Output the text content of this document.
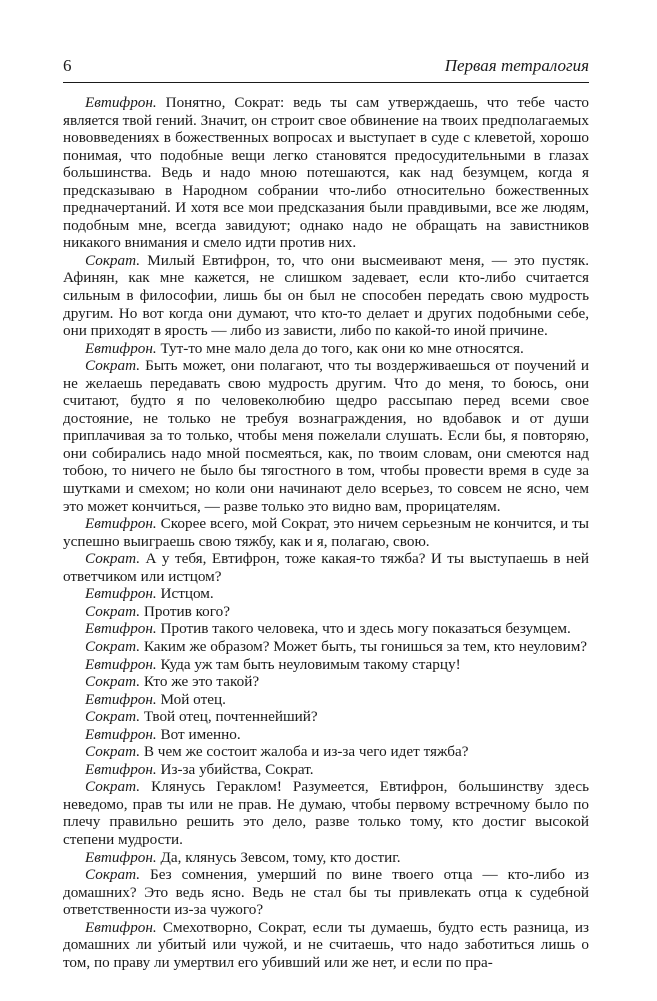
6	Первая тетралогия

Евтифрон. Понятно, Сократ: ведь ты сам утверждаешь, что тебе часто является твой гений. Значит, он строит свое обвинение на твоих предполагаемых нововведениях в божественных вопросах и выступает в суде с клеветой, хорошо понимая, что подобные вещи легко становятся предосудительными в глазах большинства. Ведь и надо мною потешаются, как над безумцем, когда я предсказываю в Народном собрании что-либо относительно божественных предначертаний. И хотя все мои предсказания были правдивыми, все же людям, подобным мне, всегда завидуют; однако надо не обращать на завистников никакого внимания и смело идти против них.

Сократ. Милый Евтифрон, то, что они высмеивают меня, — это пустяк. Афинян, как мне кажется, не слишком задевает, если кто-либо считается сильным в философии, лишь бы он был не способен передать свою мудрость другим. Но вот когда они думают, что кто-то делает и других подобными себе, они приходят в ярость — либо из зависти, либо по какой-то иной причине.

Евтифрон. Тут-то мне мало дела до того, как они ко мне относятся.

Сократ. Быть может, они полагают, что ты воздерживаешься от поучений и не желаешь передавать свою мудрость другим. Что до меня, то боюсь, они считают, будто я по человеколюбию щедро рассыпаю перед всеми свое достояние, не только не требуя вознаграждения, но вдобавок и от души приплачивая за то только, чтобы меня пожелали слушать. Если бы, я повторяю, они собирались надо мной посмеяться, как, по твоим словам, они смеются над тобою, то ничего не было бы тягостного в том, чтобы провести время в суде за шутками и смехом; но коли они начинают дело всерьез, то совсем не ясно, чем это может кончиться, — разве только это видно вам, прорицателям.

Евтифрон. Скорее всего, мой Сократ, это ничем серьезным не кончится, и ты успешно выиграешь свою тяжбу, как и я, полагаю, свою.

Сократ. А у тебя, Евтифрон, тоже какая-то тяжба? И ты выступаешь в ней ответчиком или истцом?

Евтифрон. Истцом.

Сократ. Против кого?

Евтифрон. Против такого человека, что и здесь могу показаться безумцем.

Сократ. Каким же образом? Может быть, ты гонишься за тем, кто неуловим?

Евтифрон. Куда уж там быть неуловимым такому старцу!

Сократ. Кто же это такой?

Евтифрон. Мой отец.

Сократ. Твой отец, почтеннейший?

Евтифрон. Вот именно.

Сократ. В чем же состоит жалоба и из-за чего идет тяжба?

Евтифрон. Из-за убийства, Сократ.

Сократ. Клянусь Гераклом! Разумеется, Евтифрон, большинству здесь неведомо, прав ты или не прав. Не думаю, чтобы первому встречному было по плечу правильно решить это дело, разве только тому, кто достиг высокой степени мудрости.

Евтифрон. Да, клянусь Зевсом, тому, кто достиг.

Сократ. Без сомнения, умерший по вине твоего отца — кто-либо из домашних? Это ведь ясно. Ведь не стал бы ты привлекать отца к судебной ответственности из-за чужого?

Евтифрон. Смехотворно, Сократ, если ты думаешь, будто есть разница, из домашних ли убитый или чужой, и не считаешь, что надо заботиться лишь о том, по праву ли умертвил его убивший или же нет, и если по пра-
